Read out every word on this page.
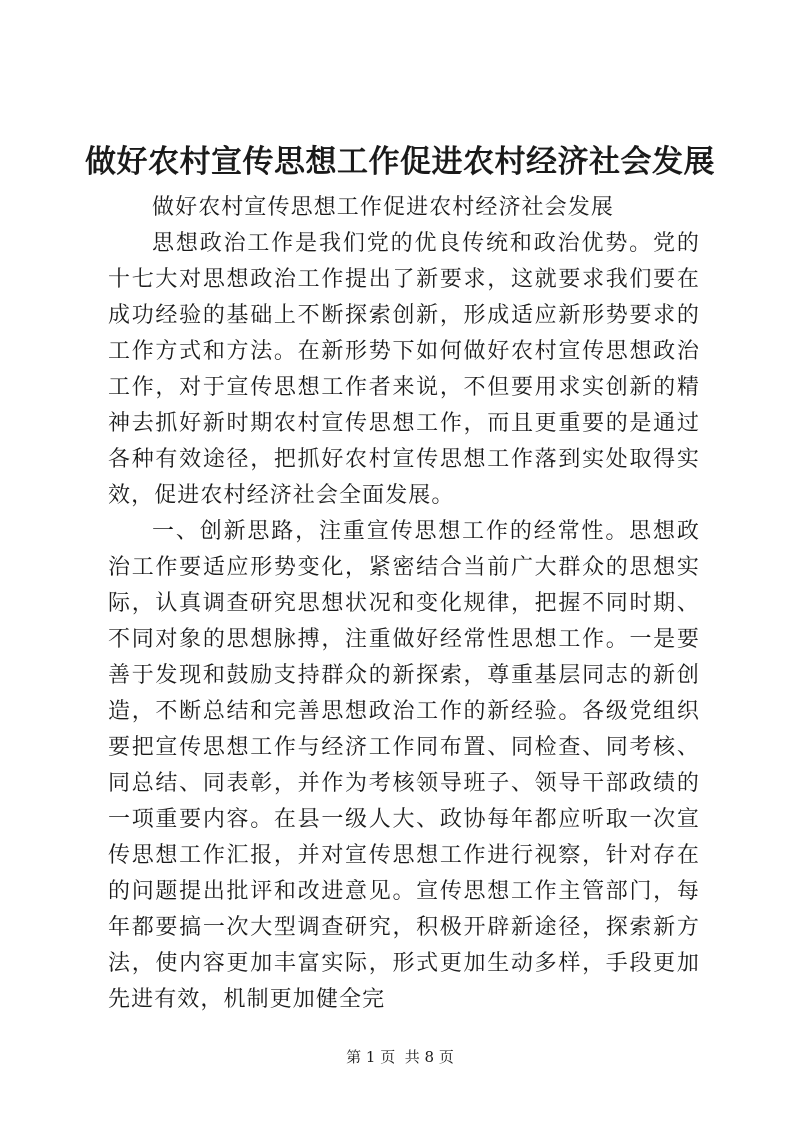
做好农村宣传思想工作促进农村经济社会发展

做好农村宣传思想工作促进农村经济社会发展

思想政治工作是我们党的优良传统和政治优势。党的十七大对思想政治工作提出了新要求，这就要求我们要在成功经验的基础上不断探索创新，形成适应新形势要求的工作方式和方法。在新形势下如何做好农村宣传思想政治工作，对于宣传思想工作者来说，不但要用求实创新的精神去抓好新时期农村宣传思想工作，而且更重要的是通过各种有效途径，把抓好农村宣传思想工作落到实处取得实效，促进农村经济社会全面发展。

一、创新思路，注重宣传思想工作的经常性。思想政治工作要适应形势变化，紧密结合当前广大群众的思想实际，认真调查研究思想状况和变化规律，把握不同时期、不同对象的思想脉搏，注重做好经常性思想工作。一是要善于发现和鼓励支持群众的新探索，尊重基层同志的新创造，不断总结和完善思想政治工作的新经验。各级党组织要把宣传思想工作与经济工作同布置、同检查、同考核、同总结、同表彰，并作为考核领导班子、领导干部政绩的一项重要内容。在县一级人大、政协每年都应听取一次宣传思想工作汇报，并对宣传思想工作进行视察，针对存在的问题提出批评和改进意见。宣传思想工作主管部门，每年都要搞一次大型调查研究，积极开辟新途径，探索新方法，使内容更加丰富实际，形式更加生动多样，手段更加先进有效，机制更加健全完

第 1 页  共 8 页
